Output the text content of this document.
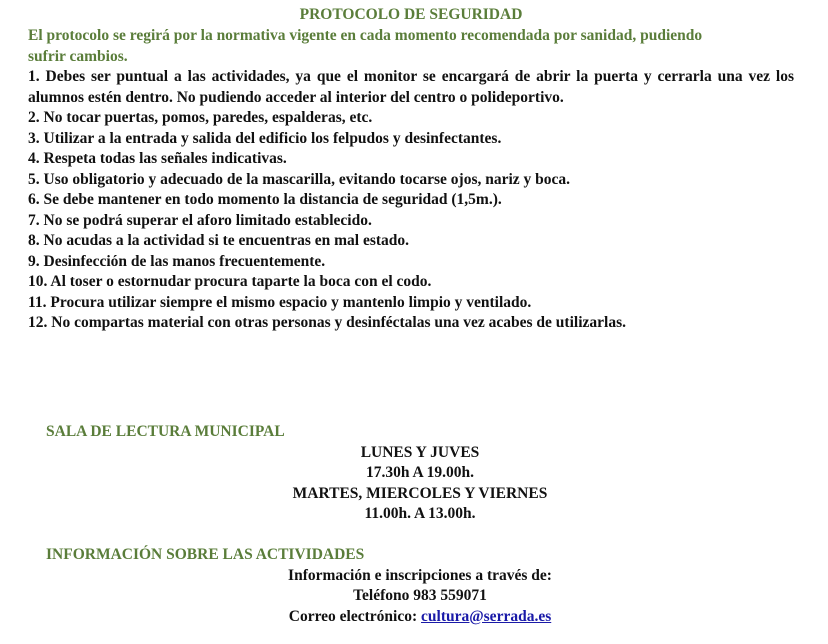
PROTOCOLO DE SEGURIDAD

El protocolo se regirá por la normativa vigente en cada momento recomendada por sanidad, pudiendo sufrir cambios.

1. Debes ser puntual a las actividades, ya que el monitor se encargará de abrir la puerta y cerrarla una vez los alumnos estén dentro. No pudiendo acceder al interior del centro o polideportivo.

2. No tocar puertas, pomos, paredes, espalderas, etc.

3. Utilizar a la entrada y salida del edificio los felpudos y desinfectantes.

4. Respeta todas las señales indicativas.

5. Uso obligatorio y adecuado de la mascarilla, evitando tocarse ojos, nariz y boca.

6. Se debe mantener en todo momento la distancia de seguridad (1,5m.).

7. No se podrá superar el aforo limitado establecido.

8. No acudas a la actividad si te encuentras en mal estado.

9. Desinfección de las manos frecuentemente.

10. Al toser o estornudar procura taparte la boca con el codo.

11. Procura utilizar siempre el mismo espacio y mantenlo limpio y ventilado.

12. No compartas material con otras personas y desinféctalas una vez acabes de utilizarlas.

SALA DE LECTURA MUNICIPAL

LUNES Y JUVES

17.30h A 19.00h.

MARTES, MIERCOLES Y VIERNES

11.00h. A 13.00h.

INFORMACIÓN SOBRE LAS ACTIVIDADES

Información e inscripciones a través de:

Teléfono 983 559071

Correo electrónico: cultura@serrada.es
